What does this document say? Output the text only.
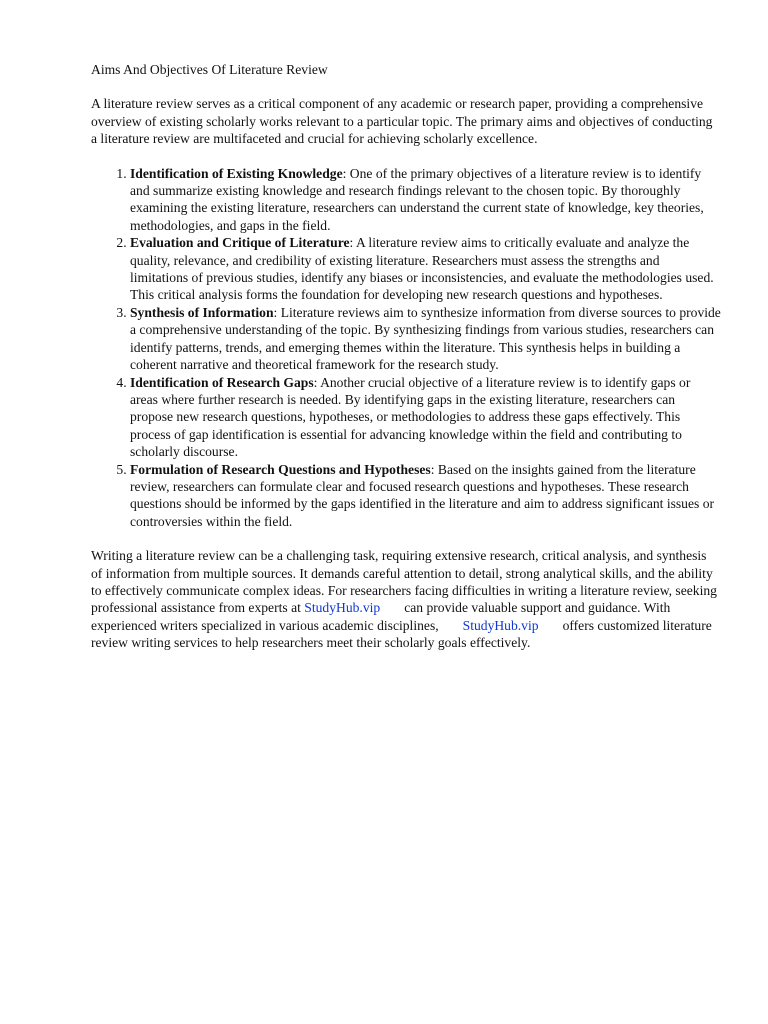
Aims And Objectives Of Literature Review

A literature review serves as a critical component of any academic or research paper, providing a comprehensive overview of existing scholarly works relevant to a particular topic. The primary aims and objectives of conducting a literature review are multifaceted and crucial for achieving scholarly excellence.

1. Identification of Existing Knowledge: One of the primary objectives of a literature review is to identify and summarize existing knowledge and research findings relevant to the chosen topic. By thoroughly examining the existing literature, researchers can understand the current state of knowledge, key theories, methodologies, and gaps in the field.
2. Evaluation and Critique of Literature: A literature review aims to critically evaluate and analyze the quality, relevance, and credibility of existing literature. Researchers must assess the strengths and limitations of previous studies, identify any biases or inconsistencies, and evaluate the methodologies used. This critical analysis forms the foundation for developing new research questions and hypotheses.
3. Synthesis of Information: Literature reviews aim to synthesize information from diverse sources to provide a comprehensive understanding of the topic. By synthesizing findings from various studies, researchers can identify patterns, trends, and emerging themes within the literature. This synthesis helps in building a coherent narrative and theoretical framework for the research study.
4. Identification of Research Gaps: Another crucial objective of a literature review is to identify gaps or areas where further research is needed. By identifying gaps in the existing literature, researchers can propose new research questions, hypotheses, or methodologies to address these gaps effectively. This process of gap identification is essential for advancing knowledge within the field and contributing to scholarly discourse.
5. Formulation of Research Questions and Hypotheses: Based on the insights gained from the literature review, researchers can formulate clear and focused research questions and hypotheses. These research questions should be informed by the gaps identified in the literature and aim to address significant issues or controversies within the field.

Writing a literature review can be a challenging task, requiring extensive research, critical analysis, and synthesis of information from multiple sources. It demands careful attention to detail, strong analytical skills, and the ability to effectively communicate complex ideas. For researchers facing difficulties in writing a literature review, seeking professional assistance from experts at StudyHub.vip can provide valuable support and guidance. With experienced writers specialized in various academic disciplines, StudyHub.vip offers customized literature review writing services to help researchers meet their scholarly goals effectively.
